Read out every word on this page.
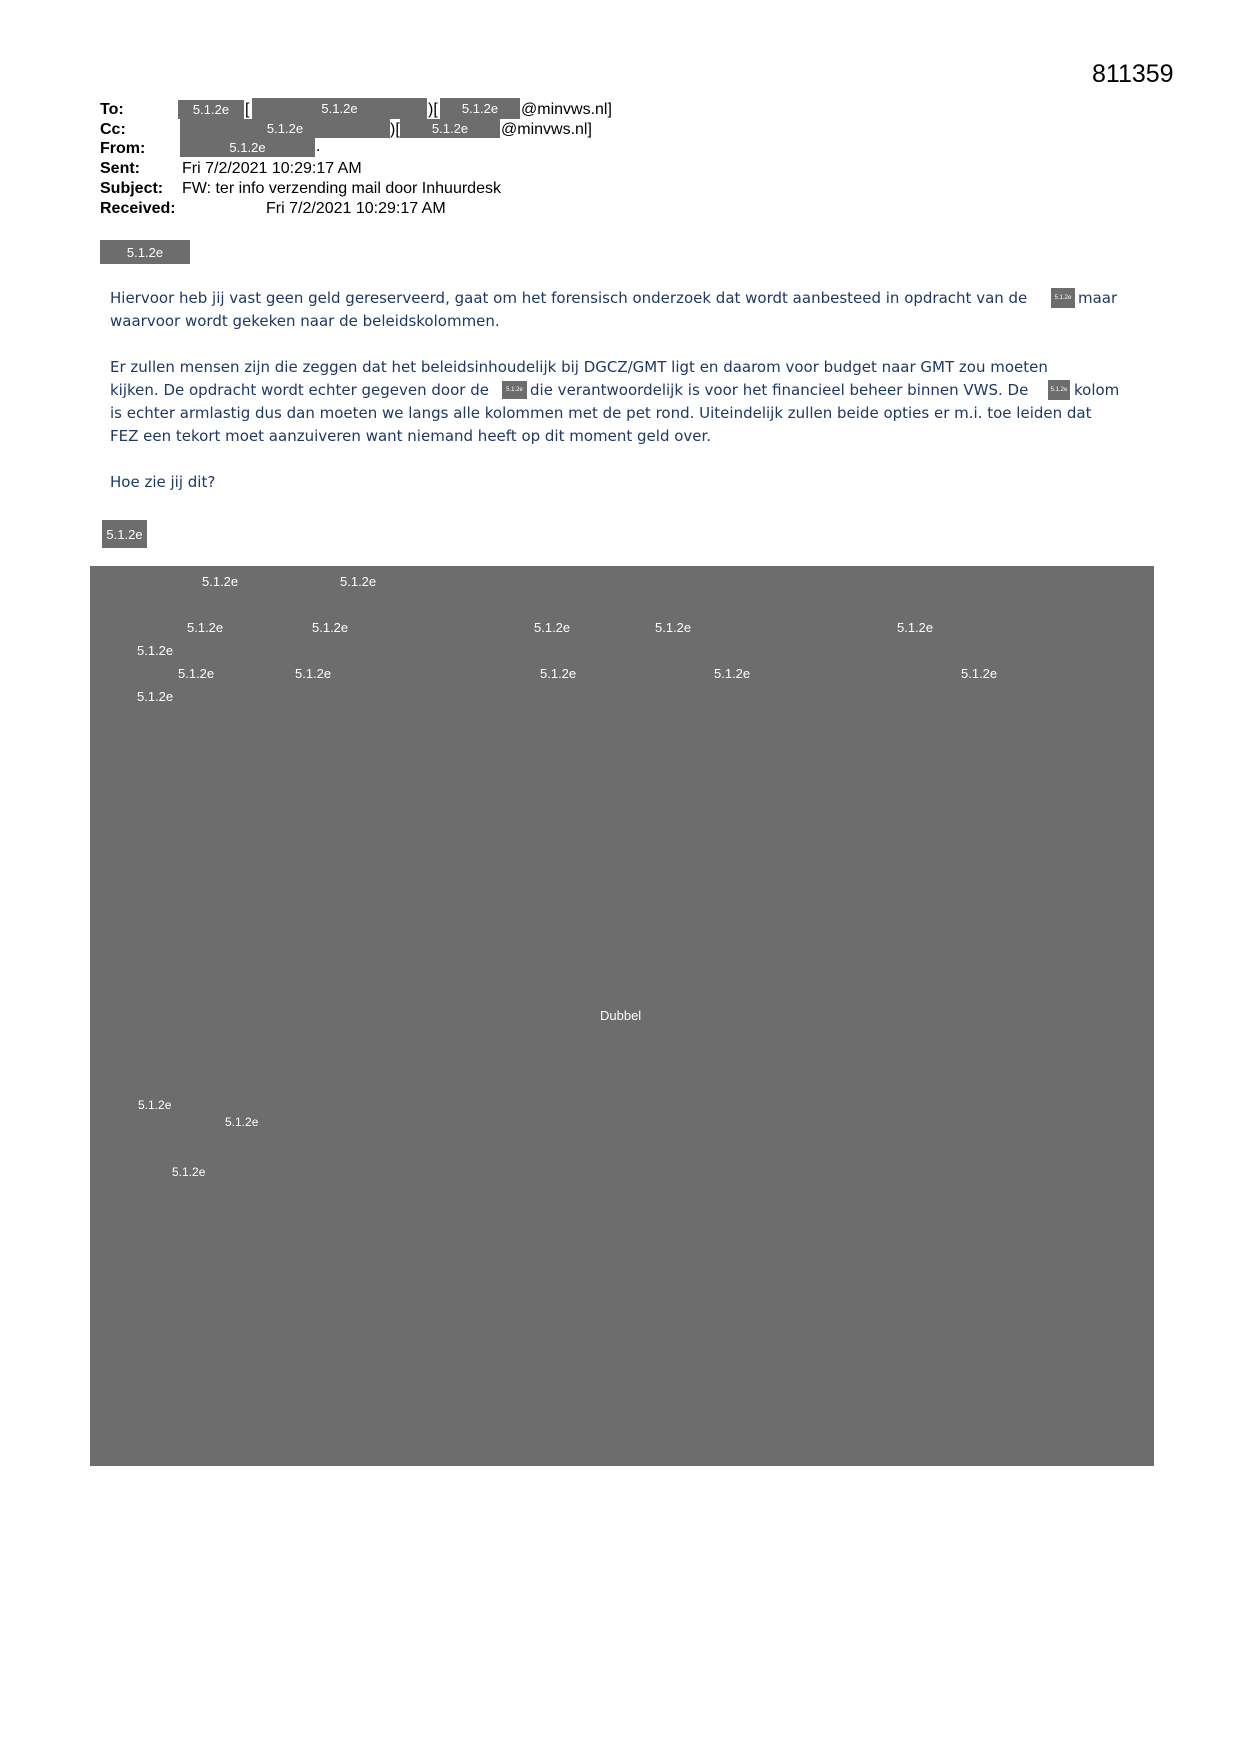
811359
To:	5.1.2e [	5.1.2e	)[	5.1.2e	@minvws.nl]
Cc:	5.1.2e	)[	5.1.2e	@minvws.nl]
From:	5.1.2e	.
Sent:	Fri 7/2/2021 10:29:17 AM
Subject: FW: ter info verzending mail door Inhuurdesk
Received:	Fri 7/2/2021 10:29:17 AM
5.1.2e
Hiervoor heb jij vast geen geld gereserveerd, gaat om het forensisch onderzoek dat wordt aanbesteed in opdracht van de	5.1.2e maar
waarvoor wordt gekeken naar de beleidskolommen.
Er zullen mensen zijn die zeggen dat het beleidsinhoudelijk bij DGCZ/GMT ligt en daarom voor budget naar GMT zou moeten
kijken. De opdracht wordt echter gegeven door de	5.1.2e die verantwoordelijk is voor het financieel beheer binnen VWS. De	5.1.2e kolom
is echter armlastig dus dan moeten we langs alle kolommen met de pet rond. Uiteindelijk zullen beide opties er m.i. toe leiden dat
FEZ een tekort moet aanzuiveren want niemand heeft op dit moment geld over.
Hoe zie jij dit?
5.1.2e
5.1.2e	5.1.2e
5.1.2e	5.1.2e	5.1.2e	5.1.2e	5.1.2e
5.1.2e
5.1.2e	5.1.2e	5.1.2e	5.1.2e	5.1.2e
5.1.2e
Dubbel
5.1.2e
5.1.2e
5.1.2e
